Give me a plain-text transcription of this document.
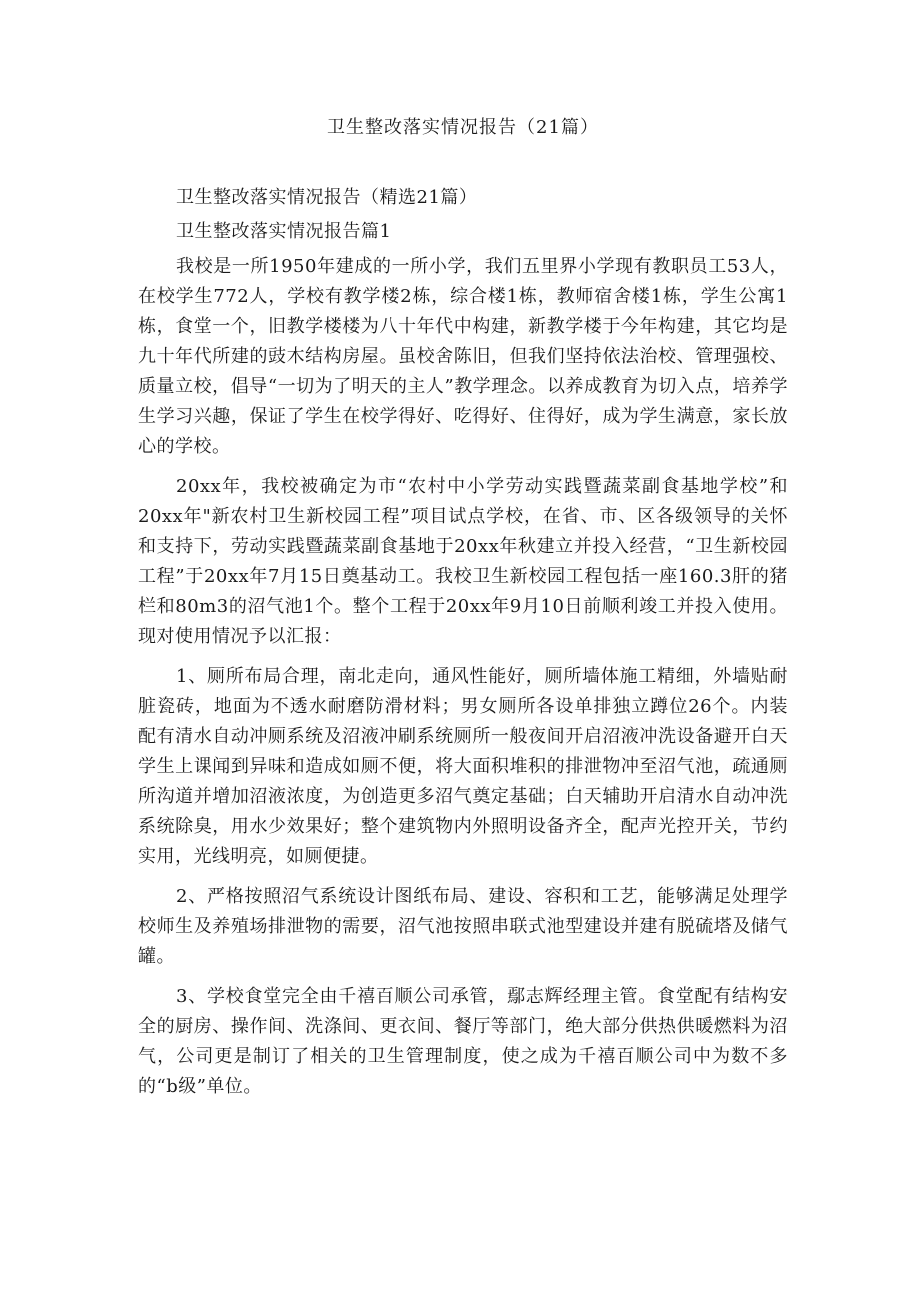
卫生整改落实情况报告（21篇）

卫生整改落实情况报告（精选21篇）

卫生整改落实情况报告篇1

我校是一所1950年建成的一所小学，我们五里界小学现有教职员工53人，在校学生772人，学校有教学楼2栋，综合楼1栋，教师宿舍楼1栋，学生公寓1栋，食堂一个，旧教学楼楼为八十年代中构建，新教学楼于今年构建，其它均是九十年代所建的豉木结构房屋。虽校舍陈旧，但我们坚持依法治校、管理强校、质量立校，倡导“一切为了明天的主人”教学理念。以养成教育为切入点，培养学生学习兴趣，保证了学生在校学得好、吃得好、住得好，成为学生满意，家长放心的学校。

20xx年，我校被确定为市“农村中小学劳动实践暨蔬菜副食基地学校”和20xx年"新农村卫生新校园工程”项目试点学校，在省、市、区各级领导的关怀和支持下，劳动实践暨蔬菜副食基地于20xx年秋建立并投入经营，“卫生新校园工程”于20xx年7月15日奠基动工。我校卫生新校园工程包括一座160.3肝的猪栏和80m3的沼气池1个。整个工程于20xx年9月10日前顺利竣工并投入使用。现对使用情况予以汇报：

1、厕所布局合理，南北走向，通风性能好，厕所墙体施工精细，外墙贴耐脏瓷砖，地面为不透水耐磨防滑材料；男女厕所各设单排独立蹲位26个。内装配有清水自动冲厕系统及沼液冲刷系统厕所一般夜间开启沼液冲洗设备避开白天学生上课闻到异味和造成如厕不便，将大面积堆积的排泄物冲至沼气池，疏通厕所沟道并增加沼液浓度，为创造更多沼气奠定基础；白天辅助开启清水自动冲洗系统除臭，用水少效果好；整个建筑物内外照明设备齐全，配声光控开关，节约实用，光线明亮，如厕便捷。

2、严格按照沼气系统设计图纸布局、建设、容积和工艺，能够满足处理学校师生及养殖场排泄物的需要，沼气池按照串联式池型建设并建有脱硫塔及储气罐。

3、学校食堂完全由千禧百顺公司承管，鄢志辉经理主管。食堂配有结构安全的厨房、操作间、洗涤间、更衣间、餐厅等部门，绝大部分供热供暖燃料为沼气，公司更是制订了相关的卫生管理制度，使之成为千禧百顺公司中为数不多的“b级”单位。
